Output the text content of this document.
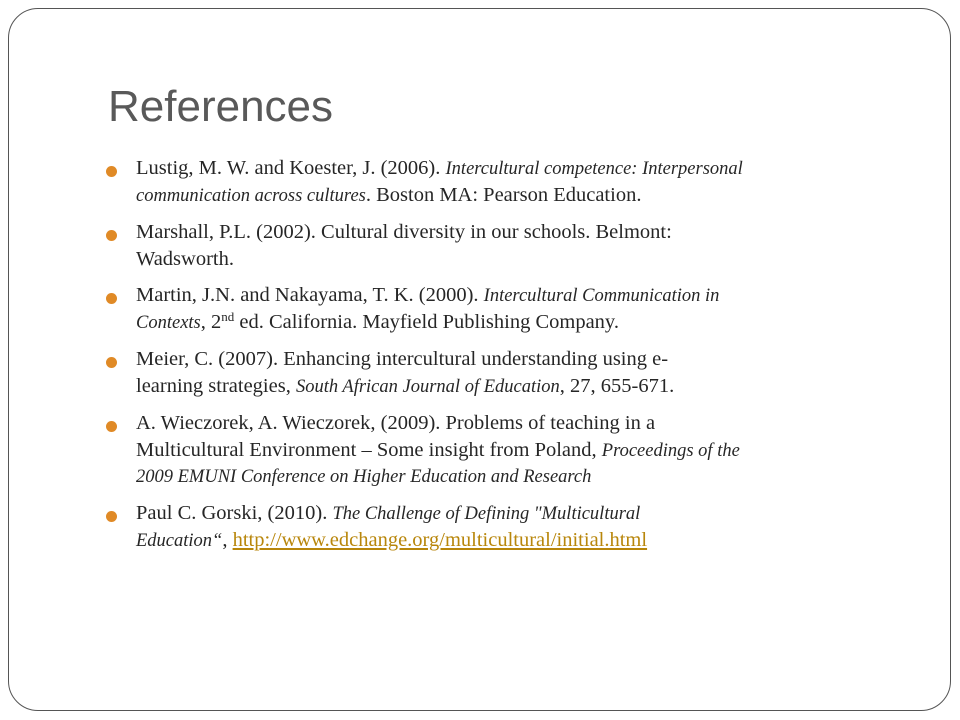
References
Lustig, M. W. and Koester, J. (2006). Intercultural competence: Interpersonal
communication across cultures. Boston MA: Pearson Education.
Marshall, P.L. (2002). Cultural diversity in our schools. Belmont:
Wadsworth.
Martin, J.N. and Nakayama, T. K. (2000). Intercultural Communication in
Contexts, 2nd ed. California. Mayfield Publishing Company.
Meier, C. (2007). Enhancing intercultural understanding using e-
learning strategies, South African Journal of Education, 27, 655-671.
A. Wieczorek, A. Wieczorek, (2009). Problems of teaching in a
Multicultural Environment – Some insight from Poland, Proceedings of the
2009 EMUNI Conference on Higher Education and Research
Paul C. Gorski, (2010). The Challenge of Defining "Multicultural
Education“, http://www.edchange.org/multicultural/initial.html
